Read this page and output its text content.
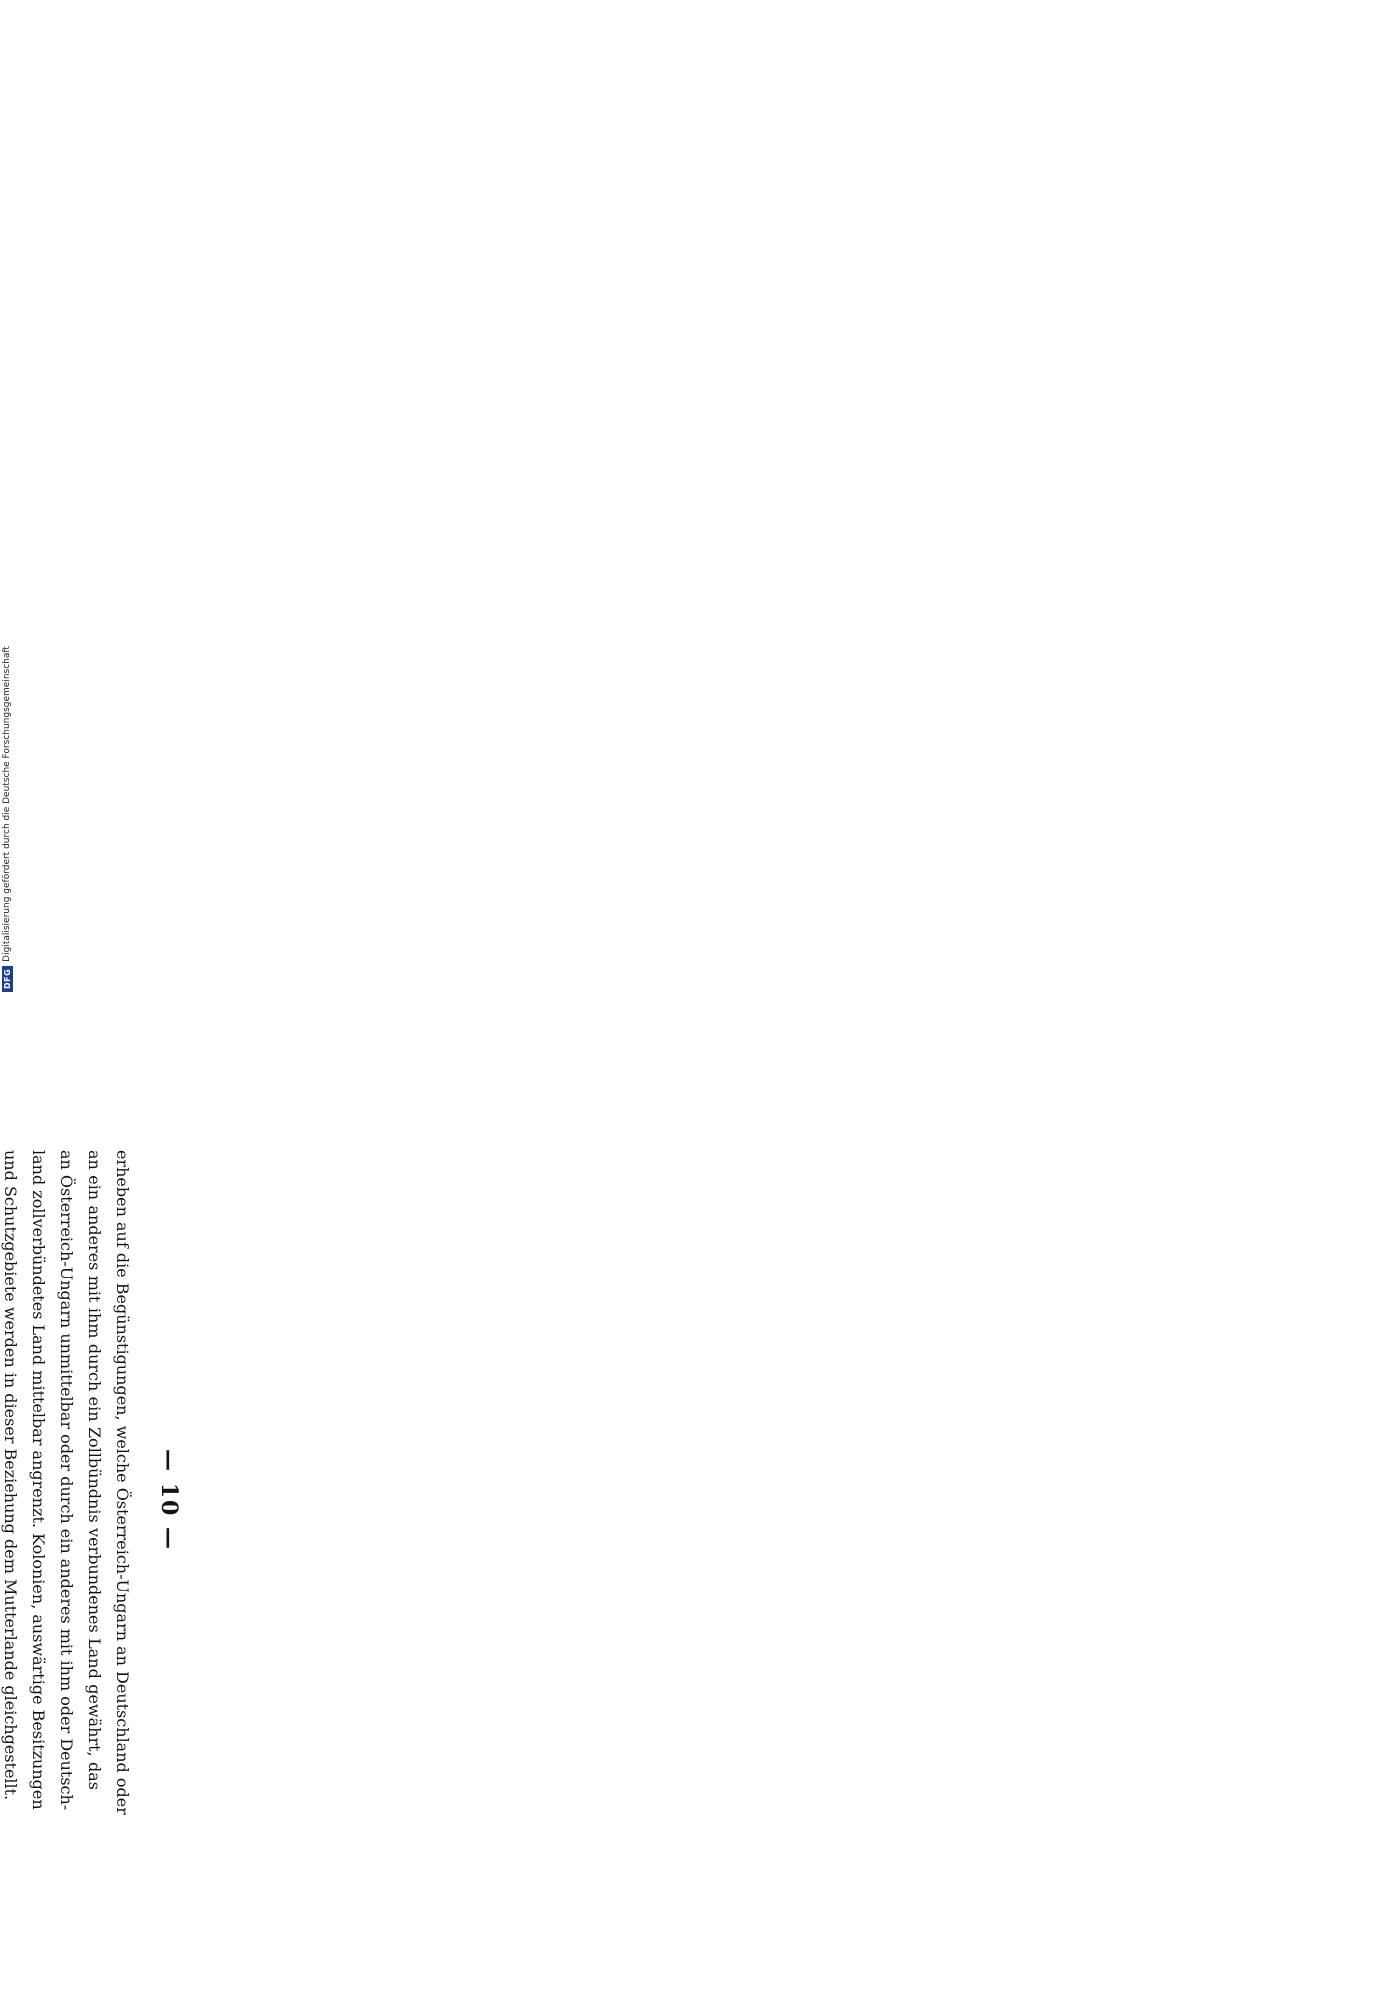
DFG
Digitalisierung gefördert durch die Deutsche Forschungsgemeinschaft
— 10 —
erheben auf die Begünstigungen, welche Österreich-Ungarn an Deutschland oder
an ein anderes mit ihm durch ein Zollbündnis verbundenes Land gewährt, das
an Österreich-Ungarn unmittelbar oder durch ein anderes mit ihm oder Deutsch-
land zollverbündetes Land mittelbar angrenzt. Kolonien, auswärtige Besitzungen
und Schutzgebiete werden in dieser Beziehung dem Mutterlande gleichgestellt.
